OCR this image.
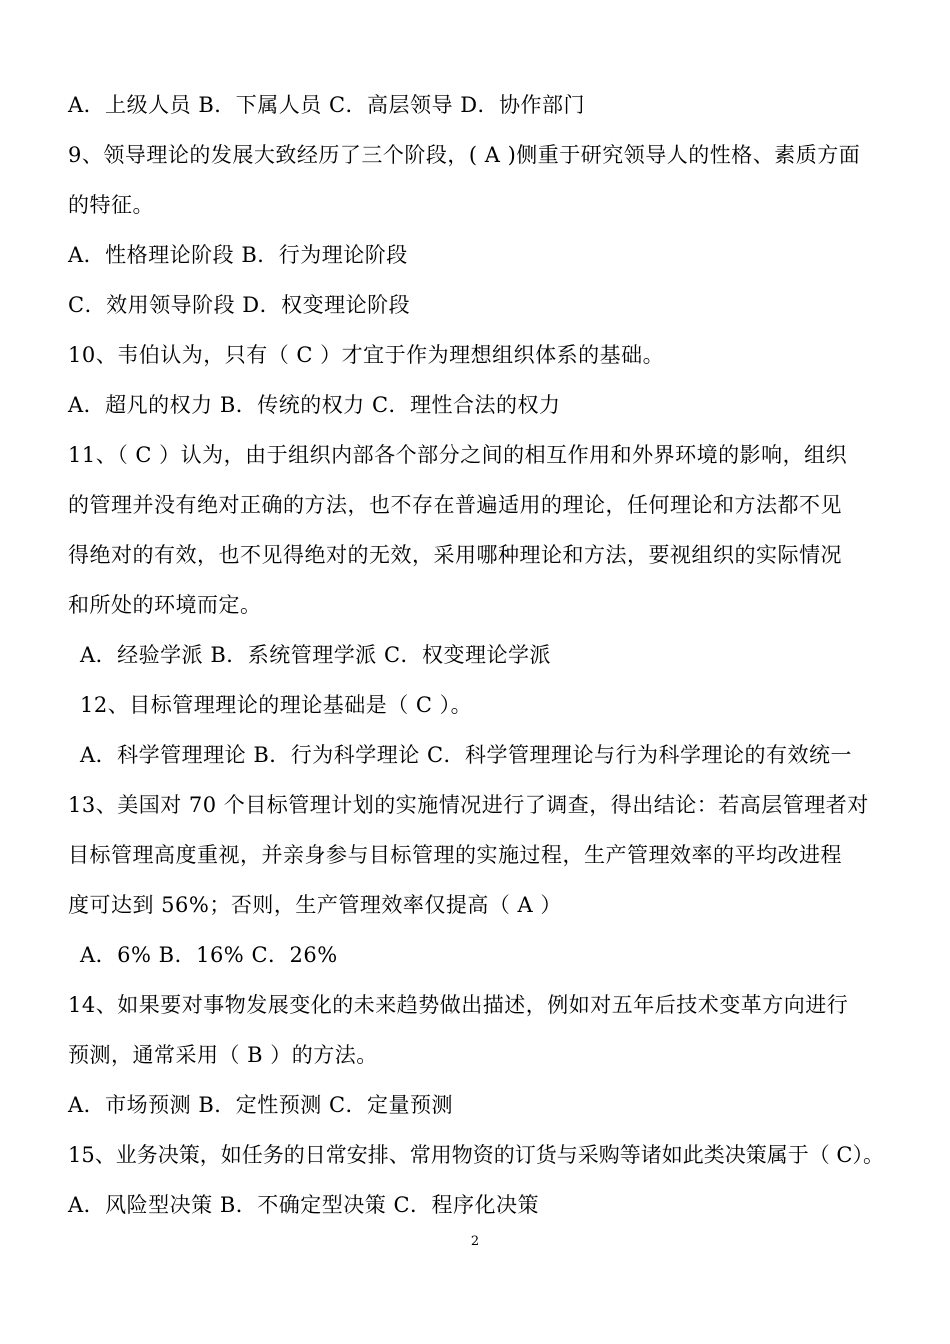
A．上级人员 B．下属人员 C．高层领导 D．协作部门
9、领导理论的发展大致经历了三个阶段，( A )侧重于研究领导人的性格、素质方面
的特征。
A．性格理论阶段 B．行为理论阶段
C．效用领导阶段 D．权变理论阶段
10、韦伯认为，只有（ C ）才宜于作为理想组织体系的基础。
A．超凡的权力 B．传统的权力 C．理性合法的权力
11、（ C ）认为，由于组织内部各个部分之间的相互作用和外界环境的影响，组织
的管理并没有绝对正确的方法，也不存在普遍适用的理论，任何理论和方法都不见
得绝对的有效，也不见得绝对的无效，采用哪种理论和方法，要视组织的实际情况
和所处的环境而定。
A．经验学派 B．系统管理学派 C．权变理论学派
12、目标管理理论的理论基础是（ C ）。
A．科学管理理论 B．行为科学理论 C．科学管理理论与行为科学理论的有效统一
13、美国对 70 个目标管理计划的实施情况进行了调查，得出结论：若高层管理者对
目标管理高度重视，并亲身参与目标管理的实施过程，生产管理效率的平均改进程
度可达到 56%；否则，生产管理效率仅提高（ A ）
A．6% B．16% C．26%
14、如果要对事物发展变化的未来趋势做出描述，例如对五年后技术变革方向进行
预测，通常采用（ B ）的方法。
A．市场预测 B．定性预测 C．定量预测
15、业务决策，如任务的日常安排、常用物资的订货与采购等诸如此类决策属于（ C）。
A．风险型决策 B．不确定型决策 C．程序化决策
2
